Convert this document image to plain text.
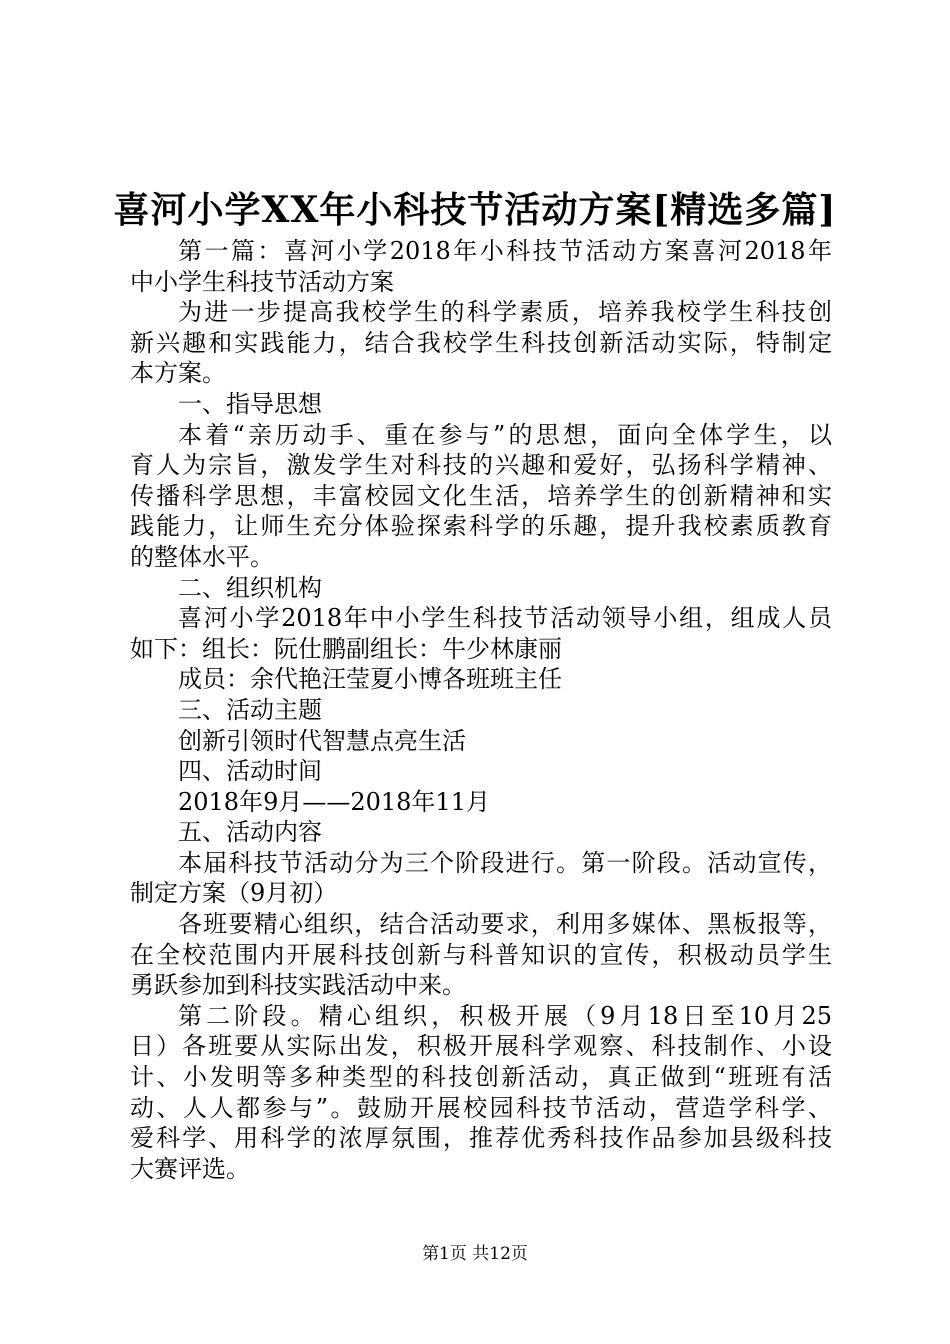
喜河小学XX年小科技节活动方案[精选多篇]
第一篇：喜河小学2018年小科技节活动方案喜河2018年
中小学生科技节活动方案
为进一步提高我校学生的科学素质，培养我校学生科技创
新兴趣和实践能力，结合我校学生科技创新活动实际，特制定
本方案。
一、指导思想
本着“亲历动手、重在参与”的思想，面向全体学生，以
育人为宗旨，激发学生对科技的兴趣和爱好，弘扬科学精神、
传播科学思想，丰富校园文化生活，培养学生的创新精神和实
践能力，让师生充分体验探索科学的乐趣，提升我校素质教育
的整体水平。
二、组织机构
喜河小学2018年中小学生科技节活动领导小组，组成人员
如下：组长：阮仕鹏副组长：牛少林康丽
成员：余代艳汪莹夏小博各班班主任
三、活动主题
创新引领时代智慧点亮生活
四、活动时间
2018年9月——2018年11月
五、活动内容
本届科技节活动分为三个阶段进行。第一阶段。活动宣传，
制定方案（9月初）
各班要精心组织，结合活动要求，利用多媒体、黑板报等，
在全校范围内开展科技创新与科普知识的宣传，积极动员学生
勇跃参加到科技实践活动中来。
第二阶段。精心组织，积极开展（9月18日至10月25
日）各班要从实际出发，积极开展科学观察、科技制作、小设
计、小发明等多种类型的科技创新活动，真正做到“班班有活
动、人人都参与”。鼓励开展校园科技节活动，营造学科学、
爱科学、用科学的浓厚氛围，推荐优秀科技作品参加县级科技
大赛评选。
第1页 共12页
